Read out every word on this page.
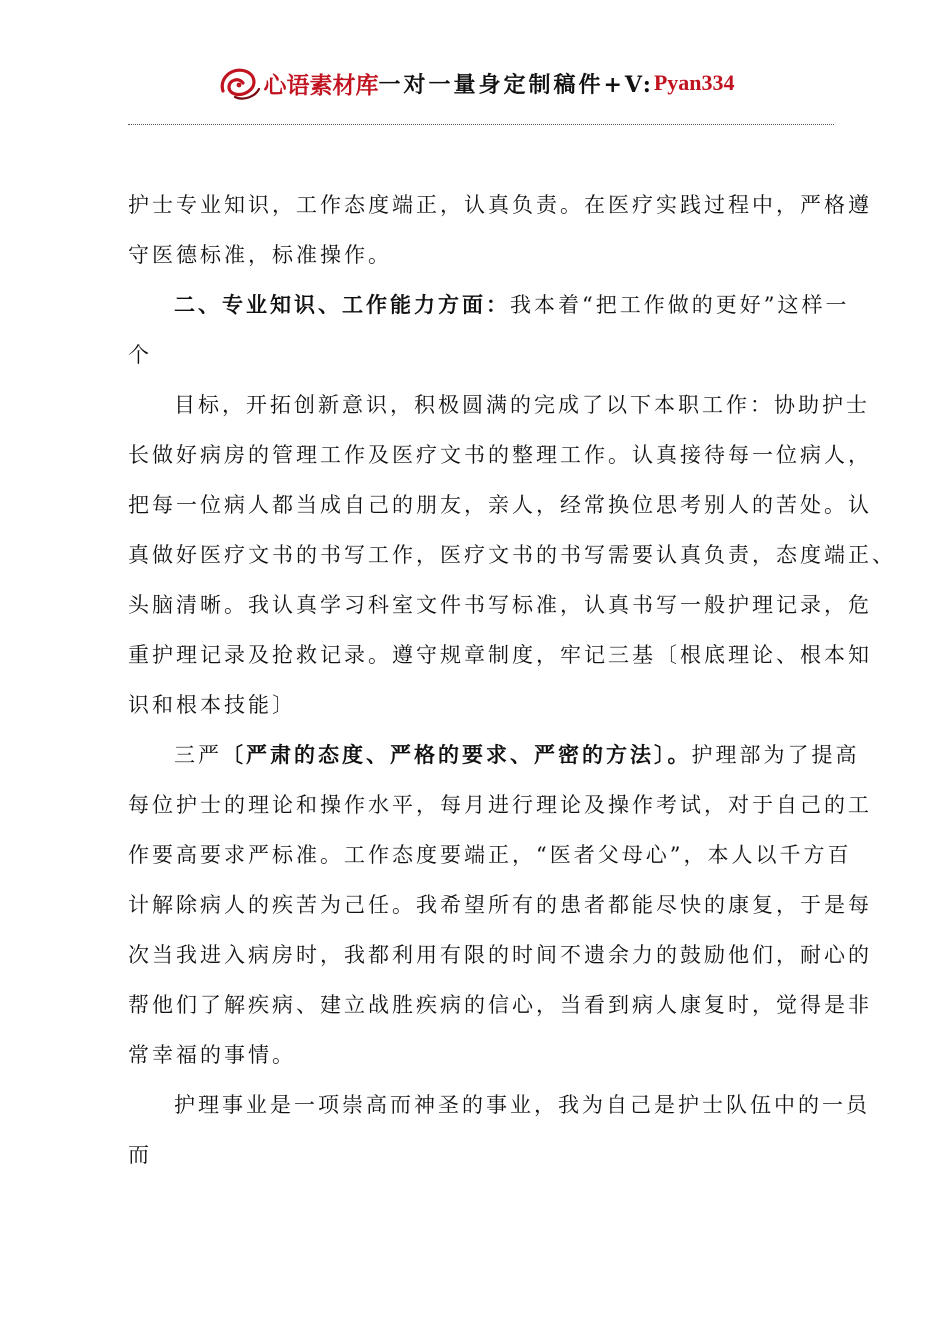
心语素材库 一对一量身定制稿件+V: Pyan334
护士专业知识，工作态度端正，认真负责。在医疗实践过程中，严格遵
守医德标准，标准操作。
二、专业知识、工作能力方面：我本着“把工作做的更好”这样一
个
目标，开拓创新意识，积极圆满的完成了以下本职工作：协助护士
长做好病房的管理工作及医疗文书的整理工作。认真接待每一位病人，
把每一位病人都当成自己的朋友，亲人，经常换位思考别人的苦处。认
真做好医疗文书的书写工作，医疗文书的书写需要认真负责，态度端正、
头脑清晰。我认真学习科室文件书写标准，认真书写一般护理记录，危
重护理记录及抢救记录。遵守规章制度，牢记三基〔根底理论、根本知
识和根本技能〕
三严〔严肃的态度、严格的要求、严密的方法〕。护理部为了提高
每位护士的理论和操作水平，每月进行理论及操作考试，对于自己的工
作要高要求严标准。工作态度要端正，“医者父母心”，本人以千方百
计解除病人的疾苦为己任。我希望所有的患者都能尽快的康复，于是每
次当我进入病房时，我都利用有限的时间不遗余力的鼓励他们，耐心的
帮他们了解疾病、建立战胜疾病的信心，当看到病人康复时，觉得是非
常幸福的事情。
护理事业是一项崇高而神圣的事业，我为自己是护士队伍中的一员
而
